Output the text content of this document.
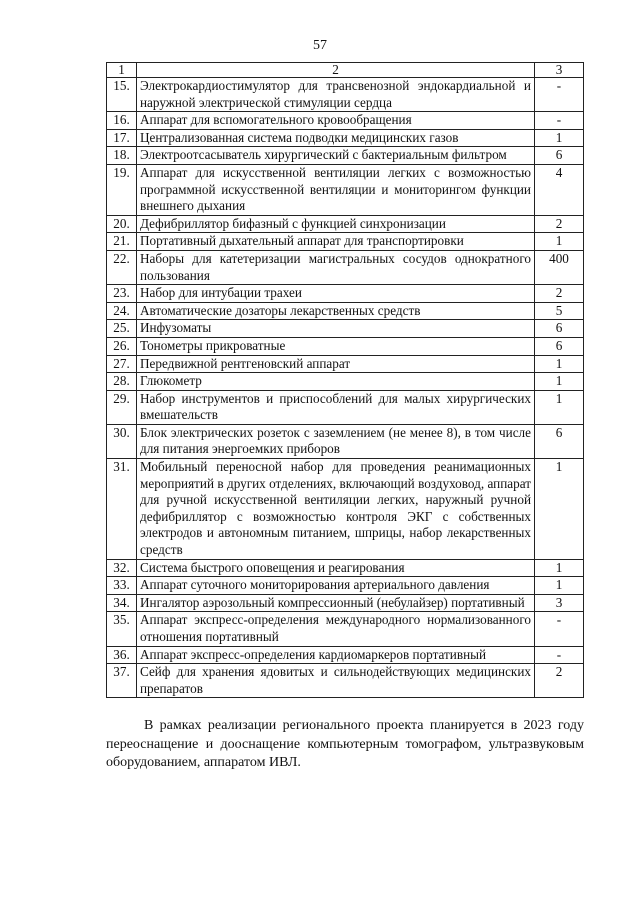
57
1	2	3
15.	Электрокардиостимулятор для трансвенозной эндокардиальной и наружной электрической стимуляции сердца	-
16.	Аппарат для вспомогательного кровообращения	-
17.	Централизованная система подводки медицинских газов	1
18.	Электроотсасыватель хирургический с бактериальным фильтром	6
19.	Аппарат для искусственной вентиляции легких с возможностью программной искусственной вентиляции и мониторингом функции внешнего дыхания	4
20.	Дефибриллятор бифазный с функцией синхронизации	2
21.	Портативный дыхательный аппарат для транспортировки	1
22.	Наборы для катетеризации магистральных сосудов однократного пользования	400
23.	Набор для интубации трахеи	2
24.	Автоматические дозаторы лекарственных средств	5
25.	Инфузоматы	6
26.	Тонометры прикроватные	6
27.	Передвижной рентгеновский аппарат	1
28.	Глюкометр	1
29.	Набор инструментов и приспособлений для малых хирургических вмешательств	1
30.	Блок электрических розеток с заземлением (не менее 8), в том числе для питания энергоемких приборов	6
31.	Мобильный переносной набор для проведения реанимационных мероприятий в других отделениях, включающий воздуховод, аппарат для ручной искусственной вентиляции легких, наружный ручной дефибриллятор с возможностью контроля ЭКГ с собственных электродов и автономным питанием, шприцы, набор лекарственных средств	1
32.	Система быстрого оповещения и реагирования	1
33.	Аппарат суточного мониторирования артериального давления	1
34.	Ингалятор аэрозольный компрессионный (небулайзер) портативный	3
35.	Аппарат экспресс-определения международного нормализованного отношения портативный	-
36.	Аппарат экспресс-определения кардиомаркеров портативный	-
37.	Сейф для хранения ядовитых и сильнодействующих медицинских препаратов	2

В рамках реализации регионального проекта планируется в 2023 году переоснащение и дооснащение компьютерным томографом, ультразвуковым оборудованием, аппаратом ИВЛ.
